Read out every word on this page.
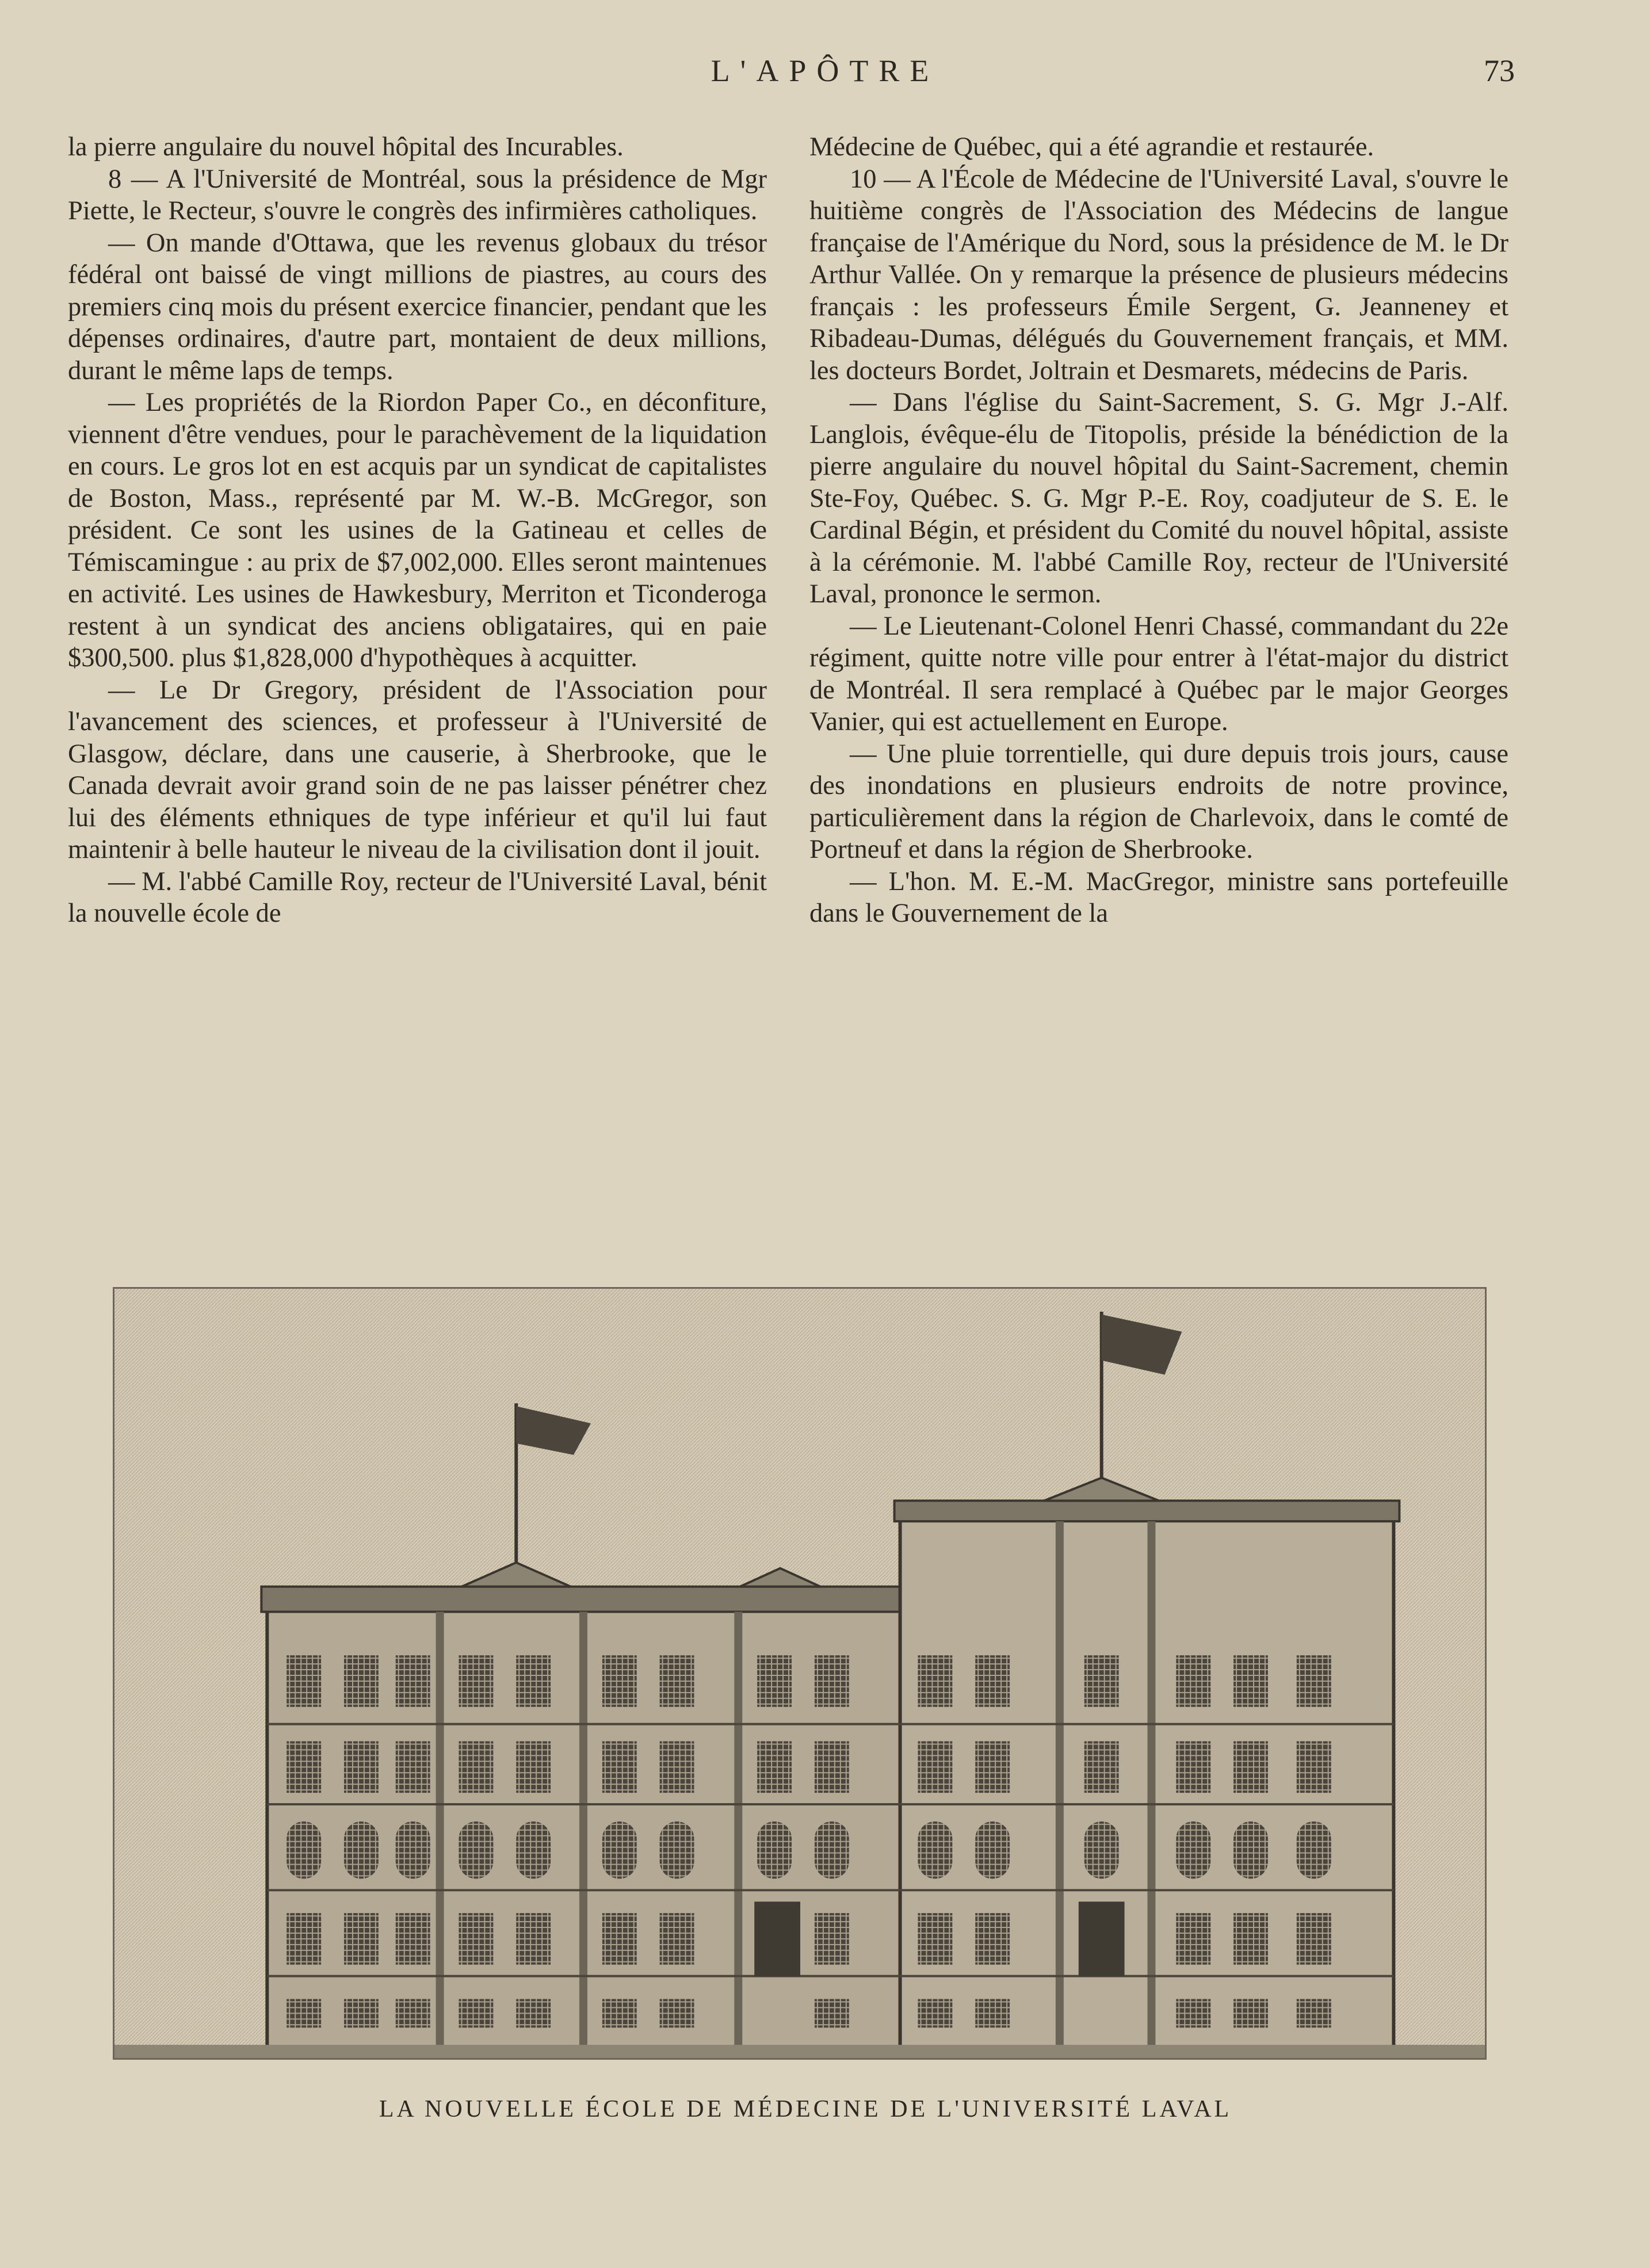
L'APÔTRE	73

la pierre angulaire du nouvel hôpital des Incurables.

8 — A l'Université de Montréal, sous la présidence de Mgr Piette, le Recteur, s'ouvre le congrès des infirmières catholiques.

— On mande d'Ottawa, que les revenus globaux du trésor fédéral ont baissé de vingt millions de piastres, au cours des premiers cinq mois du présent exercice financier, pendant que les dépenses ordinaires, d'autre part, montaient de deux millions, durant le même laps de temps.

— Les propriétés de la Riordon Paper Co., en déconfiture, viennent d'être vendues, pour le parachèvement de la liquidation en cours. Le gros lot en est acquis par un syndicat de capitalistes de Boston, Mass., représenté par M. W.-B. McGregor, son président. Ce sont les usines de la Gatineau et celles de Témiscamingue : au prix de $7,002,000. Elles seront maintenues en activité. Les usines de Hawkesbury, Merriton et Ticonderoga restent à un syndicat des anciens obligataires, qui en paie $300,500. plus $1,828,000 d'hypothèques à acquitter.

— Le Dr Gregory, président de l'Association pour l'avancement des sciences, et professeur à l'Université de Glasgow, déclare, dans une causerie, à Sherbrooke, que le Canada devrait avoir grand soin de ne pas laisser pénétrer chez lui des éléments ethniques de type inférieur et qu'il lui faut maintenir à belle hauteur le niveau de la civilisation dont il jouit.

— M. l'abbé Camille Roy, recteur de l'Université Laval, bénit la nouvelle école de

Médecine de Québec, qui a été agrandie et restaurée.

10 — A l'École de Médecine de l'Université Laval, s'ouvre le huitième congrès de l'Association des Médecins de langue française de l'Amérique du Nord, sous la présidence de M. le Dr Arthur Vallée. On y remarque la présence de plusieurs médecins français : les professeurs Émile Sergent, G. Jeanneney et Ribadeau-Dumas, délégués du Gouvernement français, et MM. les docteurs Bordet, Joltrain et Desmarets, médecins de Paris.

— Dans l'église du Saint-Sacrement, S. G. Mgr J.-Alf. Langlois, évêque-élu de Titopolis, préside la bénédiction de la pierre angulaire du nouvel hôpital du Saint-Sacrement, chemin Ste-Foy, Québec. S. G. Mgr P.-E. Roy, coadjuteur de S. E. le Cardinal Bégin, et président du Comité du nouvel hôpital, assiste à la cérémonie. M. l'abbé Camille Roy, recteur de l'Université Laval, prononce le sermon.

— Le Lieutenant-Colonel Henri Chassé, commandant du 22e régiment, quitte notre ville pour entrer à l'état-major du district de Montréal. Il sera remplacé à Québec par le major Georges Vanier, qui est actuellement en Europe.

— Une pluie torrentielle, qui dure depuis trois jours, cause des inondations en plusieurs endroits de notre province, particulièrement dans la région de Charlevoix, dans le comté de Portneuf et dans la région de Sherbrooke.

— L'hon. M. E.-M. MacGregor, ministre sans portefeuille dans le Gouvernement de la

LA NOUVELLE ÉCOLE DE MÉDECINE DE L'UNIVERSITÉ LAVAL
